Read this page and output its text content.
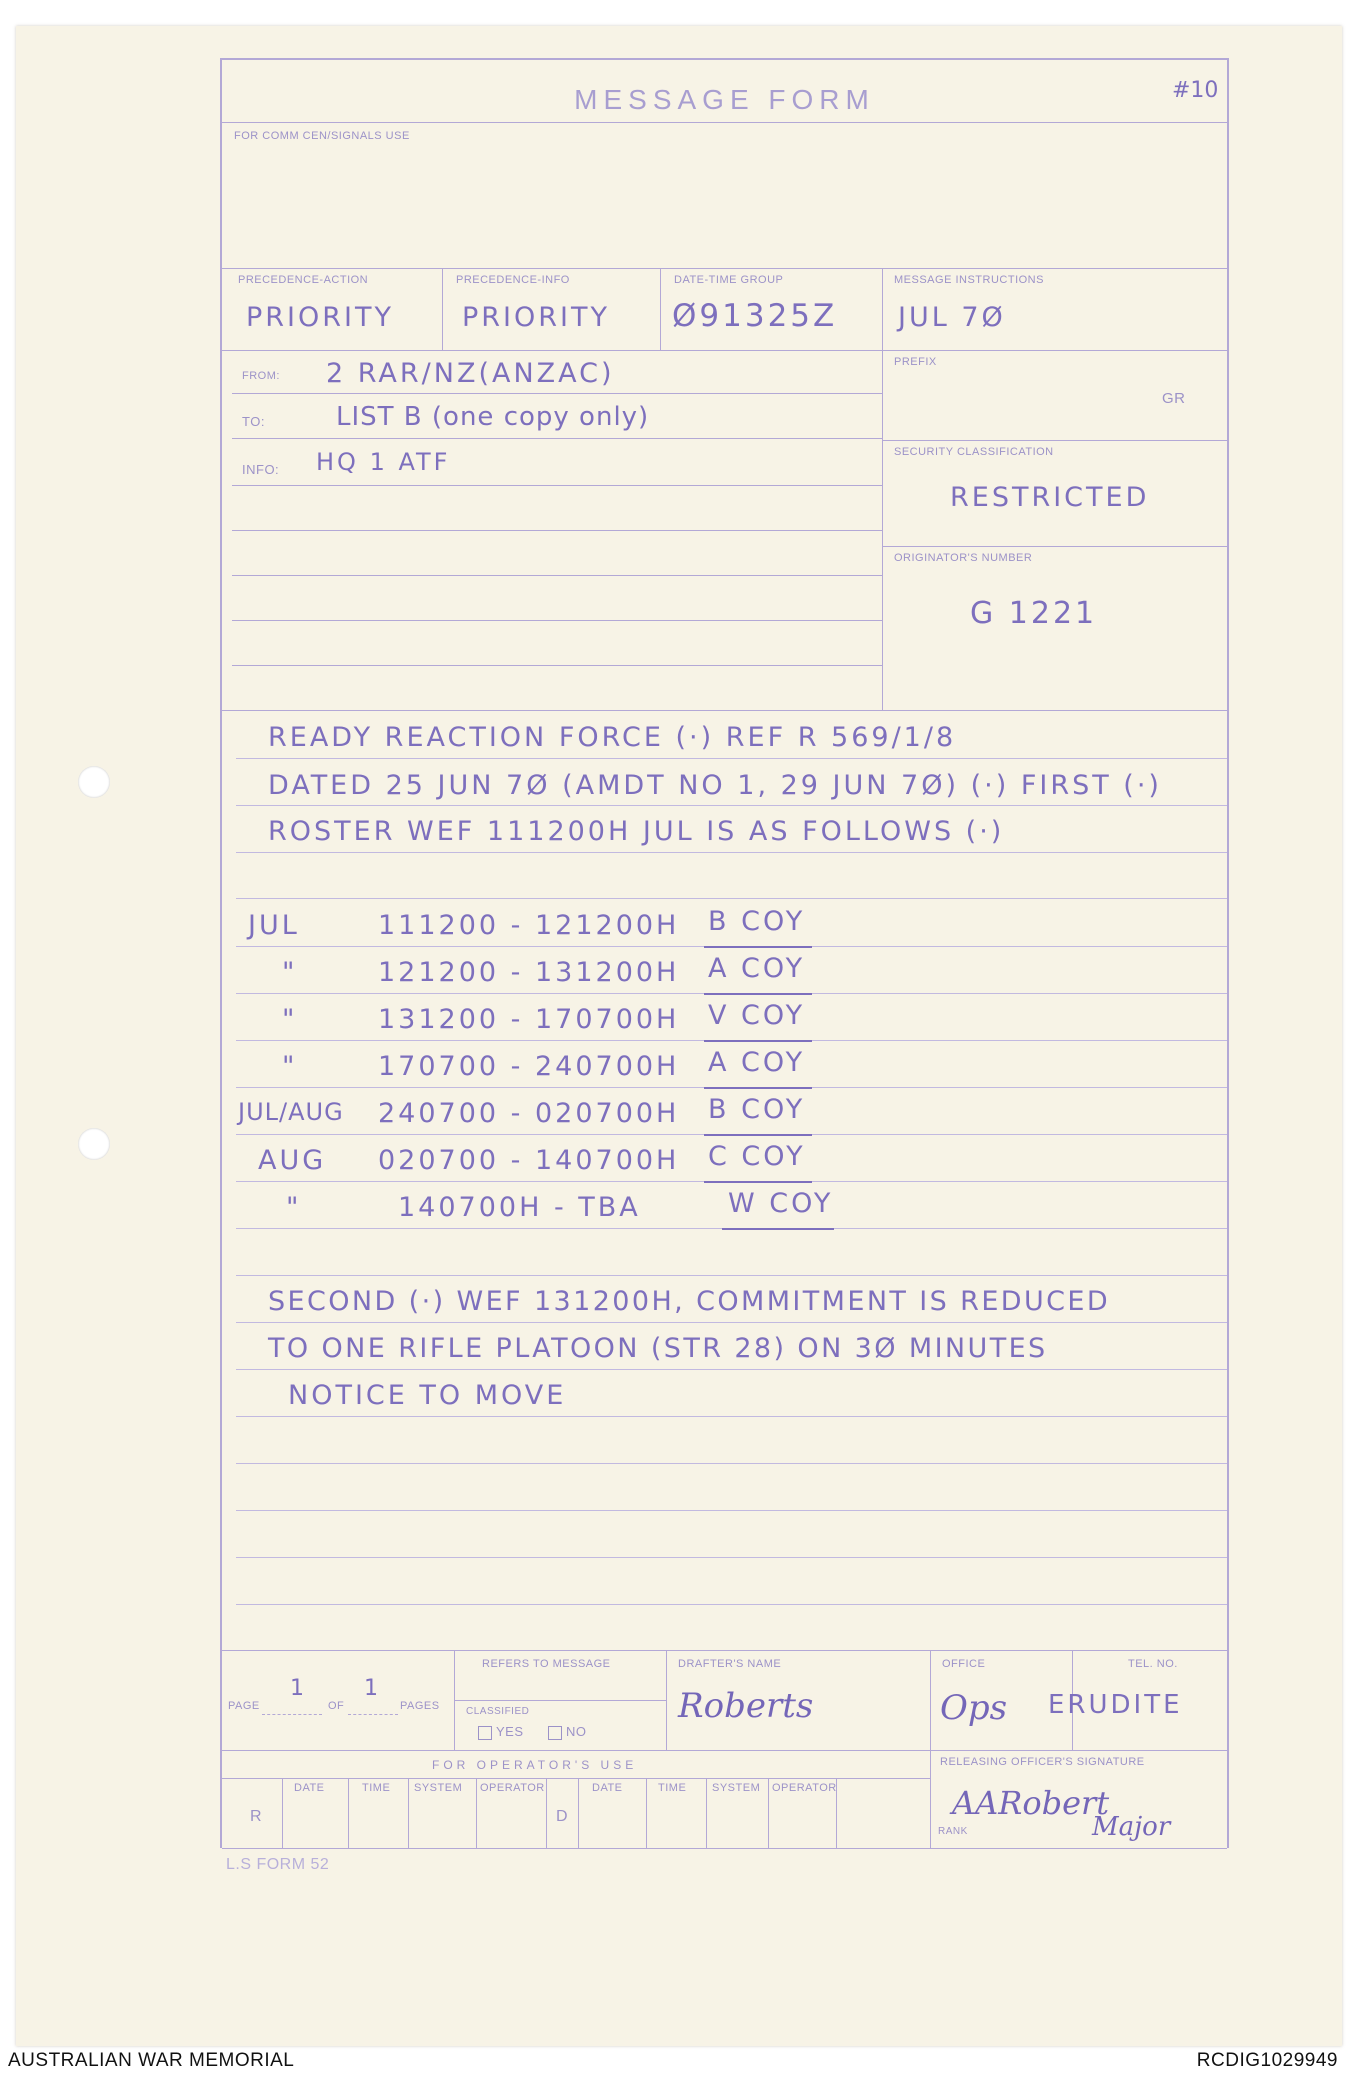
MESSAGE FORM	#10
FOR COMM CEN/SIGNALS USE
PRECEDENCE-ACTION
PRIORITY
PRECEDENCE-INFO
PRIORITY
DATE-TIME GROUP
Ø91325Z
MESSAGE INSTRUCTIONS
JUL 7Ø
FROM: 2 RAR/NZ(ANZAC)
TO:	LIST B (one copy only)
INFO: HQ 1 ATF
PREFIX
GR
SECURITY CLASSIFICATION
RESTRICTED
ORIGINATOR'S NUMBER
G 1221
READY REACTION FORCE (·) REF R 569/1/8
DATED 25 JUN 7Ø (AMDT NO 1, 29 JUN 7Ø) (·) FIRST (·)
ROSTER WEF 111200H JUL IS AS FOLLOWS (·)
JUL	111200 - 121200H B COY
"	121200 - 131200H A COY
"	131200 - 170700H V COY
"	170700 - 240700H A COY
JUL/AUG 240700 - 020700H B COY
AUG 020700 - 140700H C COY
"	140700H - TBA	W COY
SECOND (·) WEF 131200H, COMMITMENT IS REDUCED
TO ONE RIFLE PLATOON (STR 28) ON 3Ø MINUTES
NOTICE TO MOVE
PAGE
1
OF
1
PAGES
REFERS TO MESSAGE
CLASSIFIED
YES	NO
DRAFTER'S NAME
Roberts
OFFICE
Ops
TEL. NO.
ERUDITE
FOR OPERATOR'S USE	RELEASING OFFICER'S SIGNATURE
AARobert
RANK	Major
R
DATE	TIME SYSTEM OPERATOR
D
DATE	TIME SYSTEM OPERATOR
L.S FORM 52
AUSTRALIAN WAR MEMORIAL	RCDIG1029949
